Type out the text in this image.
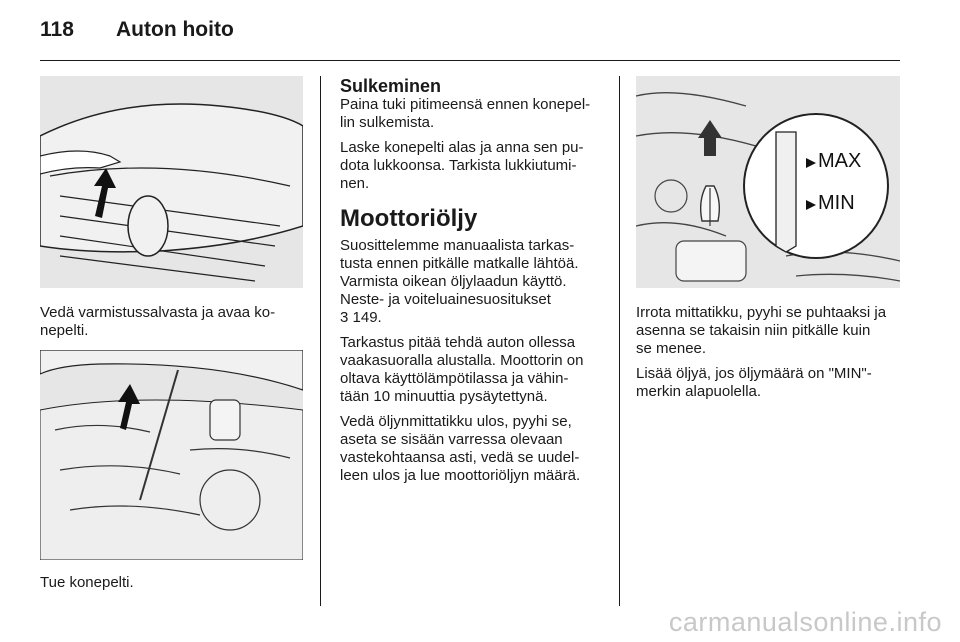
118 Auton hoito

Vedä varmistussalvasta ja avaa ko-
nepelti.

Tue konepelti.

Sulkeminen

Paina tuki pitimeensä ennen konepel-
lin sulkemista.

Laske konepelti alas ja anna sen pu-
dota lukkoonsa. Tarkista lukkiutumi-
nen.

Moottoriöljy

Suosittelemme manuaalista tarkas-
tusta ennen pitkälle matkalle lähtöä.
Varmista oikean öljylaadun käyttö.
Neste- ja voiteluainesuositukset
3 149.

Tarkastus pitää tehdä auton ollessa
vaakasuoralla alustalla. Moottorin on
oltava käyttölämpötilassa ja vähin-
tään 10 minuuttia pysäytettynä.

Vedä öljynmittatikku ulos, pyyhi se,
aseta se sisään varressa olevaan
vastekohtaansa asti, vedä se uudel-
leen ulos ja lue moottoriöljyn määrä.

MAX
MIN

Irrota mittatikku, pyyhi se puhtaaksi ja
asenna se takaisin niin pitkälle kuin
se menee.

Lisää öljyä, jos öljymäärä on "MIN"-
merkin alapuolella.

carmanualsonline.info
